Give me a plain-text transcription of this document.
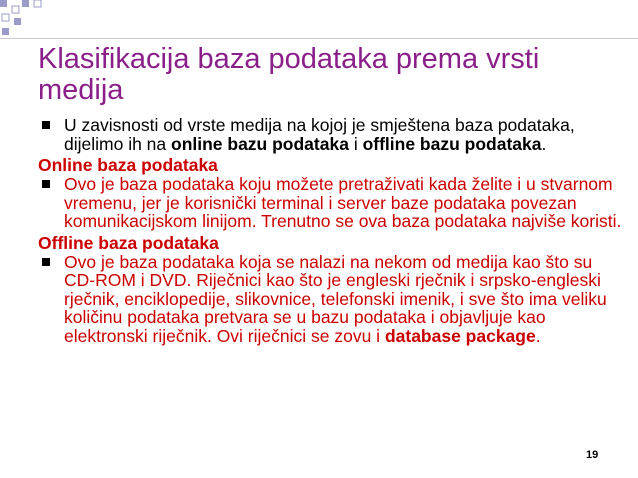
Klasifikacija baza podataka prema vrsti medija
U zavisnosti od vrste medija na kojoj je smještena baza podataka, dijelimo ih na online bazu podataka i offline bazu podataka.
Online baza podataka
Ovo je baza podataka koju možete pretraživati kada želite i u stvarnom vremenu, jer je korisnički terminal i server baze podataka povezan komunikacijskom linijom. Trenutno se ova baza podataka najviše koristi.
Offline baza podataka
Ovo je baza podataka koja se nalazi na nekom od medija kao što su CD-ROM i DVD. Riječnici kao što je engleski rječnik i srpsko-engleski rječnik, enciklopedije, slikovnice, telefonski imenik, i sve što ima veliku količinu podataka pretvara se u bazu podataka i objavljuje kao elektronski riječnik. Ovi riječnici se zovu i database package.
19
